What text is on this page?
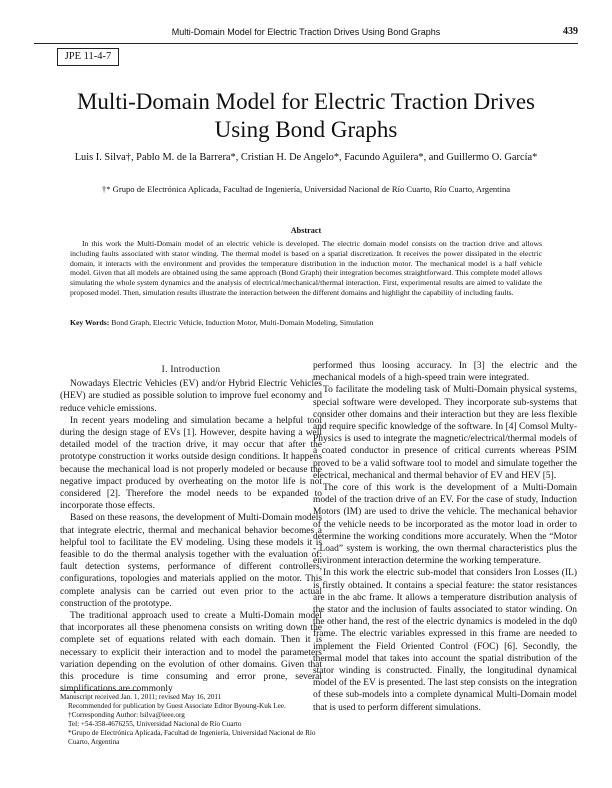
Multi-Domain Model for Electric Traction Drives Using Bond Graphs	439
JPE 11-4-7
Multi-Domain Model for Electric Traction Drives
Using Bond Graphs
Luis I. Silva†, Pablo M. de la Barrera*, Cristian H. De Angelo*, Facundo Aguilera*, and Guillermo O. García*
†* Grupo de Electrónica Aplicada, Facultad de Ingeniería, Universidad Nacional de Río Cuarto, Río Cuarto, Argentina
Abstract
In this work the Multi-Domain model of an electric vehicle is developed. The electric domain model consists on the traction drive and allows including faults associated with stator winding. The thermal model is based on a spatial discretization. It receives the power dissipated in the electric domain, it interacts with the environment and provides the temperature distribution in the induction motor. The mechanical model is a half vehicle model. Given that all models are obtained using the same approach (Bond Graph) their integration becomes straightforward. This complete model allows simulating the whole system dynamics and the analysis of electrical/mechanical/thermal interaction. First, experimental results are aimed to validate the proposed model. Then, simulation results illustrate the interaction between the different domains and highlight the capability of including faults.
Key Words: Bond Graph, Electric Vehicle, Induction Motor, Multi-Domain Modeling, Simulation
I. Introduction

Nowadays Electric Vehicles (EV) and/or Hybrid Electric Vehicles (HEV) are studied as possible solution to improve fuel economy and reduce vehicle emissions.

In recent years modeling and simulation became a helpful tool during the design stage of EVs [1]. However, despite having a well detailed model of the traction drive, it may occur that after the prototype construction it works outside design conditions. It happens because the mechanical load is not properly modeled or because the negative impact produced by overheating on the motor life is not considered [2]. Therefore the model needs to be expanded to incorporate those effects.

Based on these reasons, the development of Multi-Domain models that integrate electric, thermal and mechanical behavior becomes a helpful tool to facilitate the EV modeling. Using these models it is feasible to do the thermal analysis together with the evaluation of: fault detection systems, performance of different controllers, configurations, topologies and materials applied on the motor. This complete analysis can be carried out even prior to the actual construction of the prototype.

The traditional approach used to create a Multi-Domain model that incorporates all these phenomena consists on writing down the complete set of equations related with each domain. Then it is necessary to explicit their interaction and to model the parameters variation depending on the evolution of other domains. Given that this procedure is time consuming and error prone, several simplifications are commonly

performed thus loosing accuracy. In [3] the electric and the mechanical models of a high-speed train were integrated.

To facilitate the modeling task of Multi-Domain physical systems, special software were developed. They incorporate sub-systems that consider other domains and their interaction but they are less flexible and require specific knowledge of the software. In [4] Comsol Multy-Physics is used to integrate the magnetic/electrical/thermal models of a coated conductor in presence of critical currents whereas PSIM proved to be a valid software tool to model and simulate together the electrical, mechanical and thermal behavior of EV and HEV [5].

The core of this work is the development of a Multi-Domain model of the traction drive of an EV. For the case of study, Induction Motors (IM) are used to drive the vehicle. The mechanical behavior of the vehicle needs to be incorporated as the motor load in order to determine the working conditions more accurately. When the “Motor - Load” system is working, the own thermal characteristics plus the environment interaction determine the working temperature.

In this work the electric sub-model that considers Iron Losses (IL) is firstly obtained. It contains a special feature: the stator resistances are in the abc frame. It allows a temperature distribution analysis of the stator and the inclusion of faults associated to stator winding. On the other hand, the rest of the electric dynamics is modeled in the dq0 frame. The electric variables expressed in this frame are needed to implement the Field Oriented Control (FOC) [6]. Secondly, the thermal model that takes into account the spatial distribution of the stator winding is constructed. Finally, the longitudinal dynamical model of the EV is presented. The last step consists on the integration of these sub-models into a complete dynamical Multi-Domain model that is used to perform different simulations.

Manuscript received Jan. 1, 2011; revised May 16, 2011
Recommended for publication by Guest Associate Editor Byoung-Kuk Lee.
†Corresponding Author: lsilva@ieee.org
Tel: +54-358-4676255, Universidad Nacional de Río Cuarto
*Grupo de Electrónica Aplicada, Facultad de Ingeniería, Universidad Nacional de Río Cuarto, Argentina
